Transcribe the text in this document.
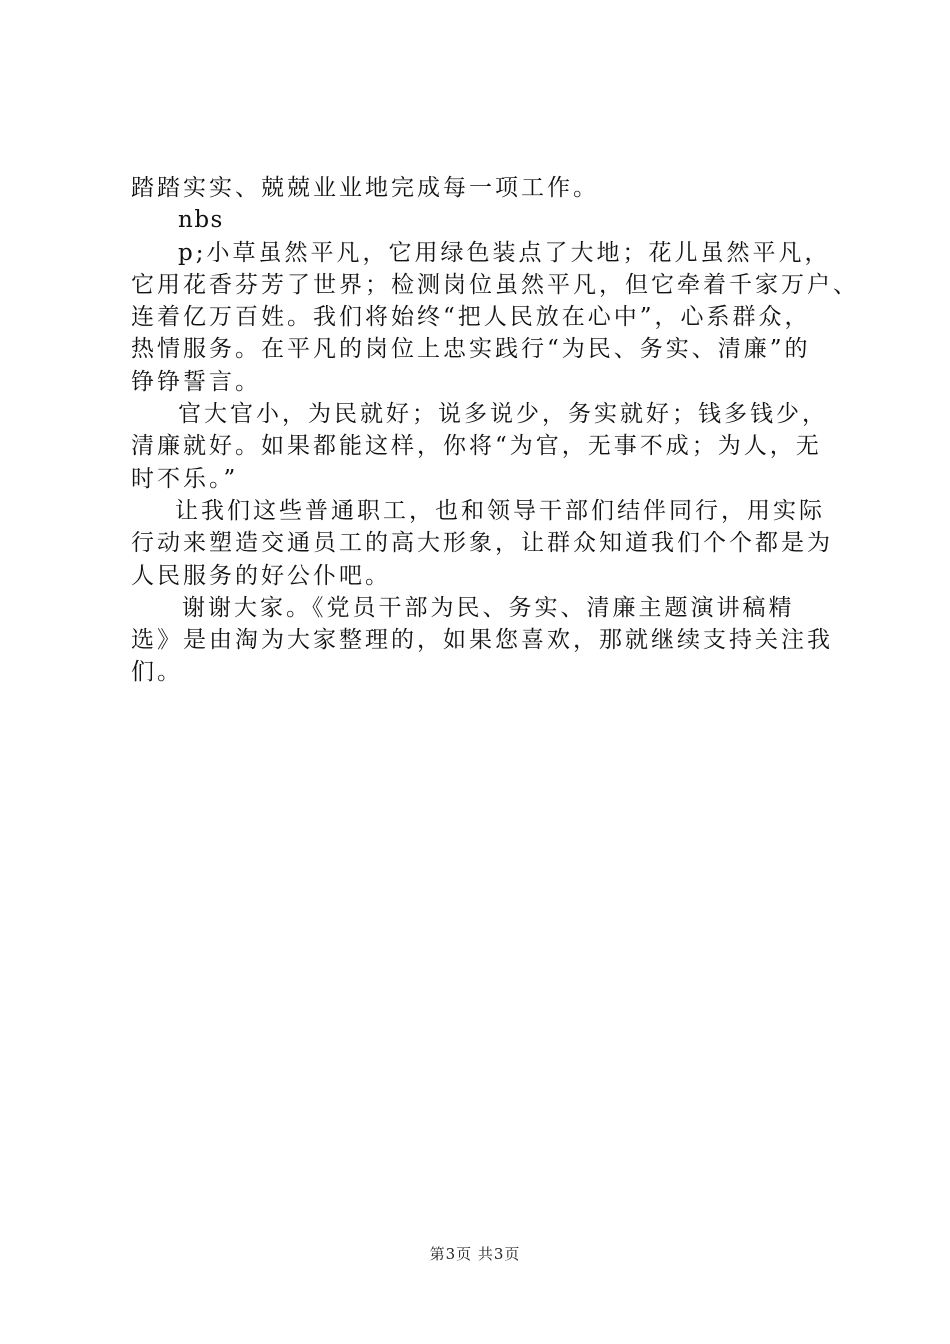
踏踏实实、兢兢业业地完成每一项工作。

nbs
p;小草虽然平凡，它用绿色装点了大地；花儿虽然平凡，
它用花香芬芳了世界；检测岗位虽然平凡，但它牵着千家万户、
连着亿万百姓。我们将始终“把人民放在心中”，心系群众，
热情服务。在平凡的岗位上忠实践行“为民、务实、清廉”的
铮铮誓言。

官大官小，为民就好；说多说少，务实就好；钱多钱少，
清廉就好。如果都能这样，你将“为官，无事不成；为人，无
时不乐。”

让我们这些普通职工，也和领导干部们结伴同行，用实际
行动来塑造交通员工的高大形象，让群众知道我们个个都是为
人民服务的好公仆吧。

谢谢大家。《党员干部为民、务实、清廉主题演讲稿精
选》是由淘为大家整理的，如果您喜欢，那就继续支持关注我
们。

第3页 共3页
